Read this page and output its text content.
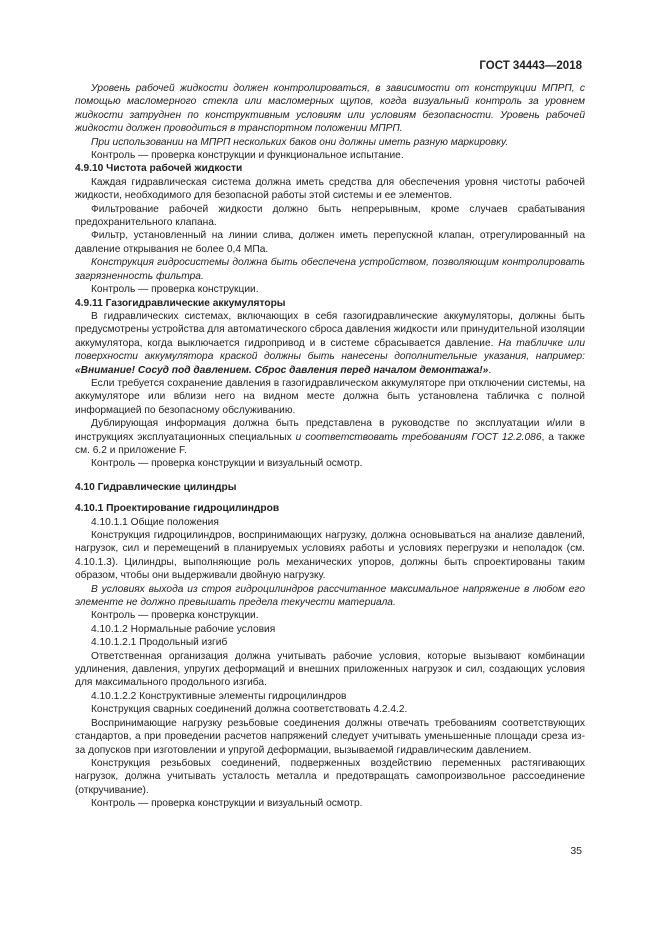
ГОСТ 34443—2018

Уровень рабочей жидкости должен контролироваться, в зависимости от конструкции МПРП, с помощью масломерного стекла или масломерных щупов, когда визуальный контроль за уровнем жидкости затруднен по конструктивным условиям или условиям безопасности. Уровень рабочей жидкости должен проводиться в транспортном положении МПРП.

При использовании на МПРП нескольких баков они должны иметь разную маркировку.

Контроль — проверка конструкции и функциональное испытание.

4.9.10 Чистота рабочей жидкости

Каждая гидравлическая система должна иметь средства для обеспечения уровня чистоты рабочей жидкости, необходимого для безопасной работы этой системы и ее элементов.

Фильтрование рабочей жидкости должно быть непрерывным, кроме случаев срабатывания предохранительного клапана.

Фильтр, установленный на линии слива, должен иметь перепускной клапан, отрегулированный на давление открывания не более 0,4 МПа.

Конструкция гидросистемы должна быть обеспечена устройством, позволяющим контролировать загрязненность фильтра.

Контроль — проверка конструкции.

4.9.11 Газогидравлические аккумуляторы

В гидравлических системах, включающих в себя газогидравлические аккумуляторы, должны быть предусмотрены устройства для автоматического сброса давления жидкости или принудительной изоляции аккумулятора, когда выключается гидропривод и в системе сбрасывается давление. На табличке или поверхности аккумулятора краской должны быть нанесены дополнительные указания, например: «Внимание! Сосуд под давлением. Сброс давления перед началом демонтажа!».

Если требуется сохранение давления в газогидравлическом аккумуляторе при отключении системы, на аккумуляторе или вблизи него на видном месте должна быть установлена табличка с полной информацией по безопасному обслуживанию.

Дублирующая информация должна быть представлена в руководстве по эксплуатации и/или в инструкциях эксплуатационных специальных и соответствовать требованиям ГОСТ 12.2.086, а также см. 6.2 и приложение F.

Контроль — проверка конструкции и визуальный осмотр.

4.10 Гидравлические цилиндры

4.10.1 Проектирование гидроцилиндров

4.10.1.1 Общие положения

Конструкция гидроцилиндров, воспринимающих нагрузку, должна основываться на анализе давлений, нагрузок, сил и перемещений в планируемых условиях работы и условиях перегрузки и неполадок (см. 4.10.1.3). Цилиндры, выполняющие роль механических упоров, должны быть спроектированы таким образом, чтобы они выдерживали двойную нагрузку.

В условиях выхода из строя гидроцилиндров рассчитанное максимальное напряжение в любом его элементе не должно превышать предела текучести материала.

Контроль — проверка конструкции.

4.10.1.2 Нормальные рабочие условия

4.10.1.2.1 Продольный изгиб

Ответственная организация должна учитывать рабочие условия, которые вызывают комбинации удлинения, давления, упругих деформаций и внешних приложенных нагрузок и сил, создающих условия для максимального продольного изгиба.

4.10.1.2.2 Конструктивные элементы гидроцилиндров

Конструкция сварных соединений должна соответствовать 4.2.4.2.

Воспринимающие нагрузку резьбовые соединения должны отвечать требованиям соответствующих стандартов, а при проведении расчетов напряжений следует учитывать уменьшенные площади среза из-за допусков при изготовлении и упругой деформации, вызываемой гидравлическим давлением.

Конструкция резьбовых соединений, подверженных воздействию переменных растягивающих нагрузок, должна учитывать усталость металла и предотвращать самопроизвольное рассоединение (откручивание).

Контроль — проверка конструкции и визуальный осмотр.

35
